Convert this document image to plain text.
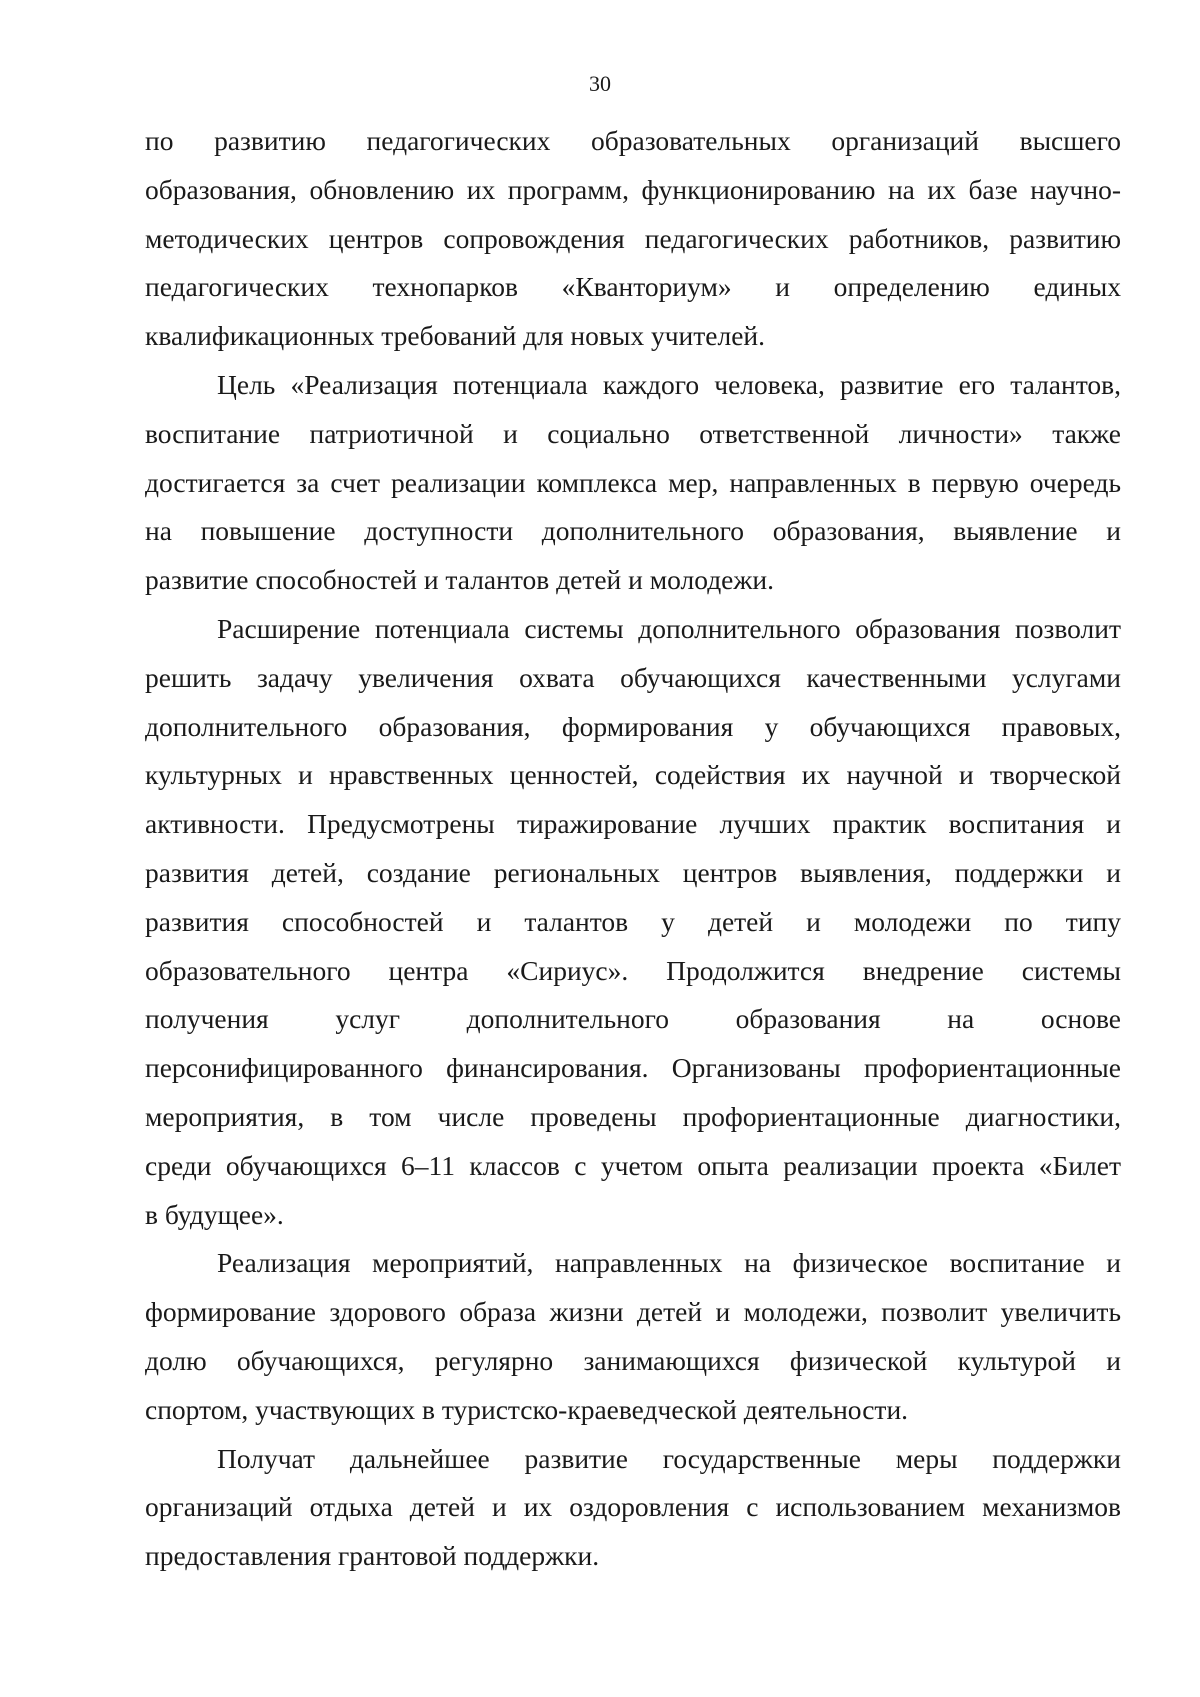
30
по развитию педагогических образовательных организаций высшего
образования, обновлению их программ, функционированию на их базе научно-
методических центров сопровождения педагогических работников, развитию
педагогических технопарков «Кванториум» и определению единых
квалификационных требований для новых учителей.
Цель «Реализация потенциала каждого человека, развитие его талантов,
воспитание патриотичной и социально ответственной личности» также
достигается за счет реализации комплекса мер, направленных в первую очередь
на повышение доступности дополнительного образования, выявление и
развитие способностей и талантов детей и молодежи.
Расширение потенциала системы дополнительного образования позволит
решить задачу увеличения охвата обучающихся качественными услугами
дополнительного образования, формирования у обучающихся правовых,
культурных и нравственных ценностей, содействия их научной и творческой
активности. Предусмотрены тиражирование лучших практик воспитания и
развития детей, создание региональных центров выявления, поддержки и
развития способностей и талантов у детей и молодежи по типу
образовательного центра «Сириус». Продолжится внедрение системы
получения услуг дополнительного образования на основе
персонифицированного финансирования. Организованы профориентационные
мероприятия, в том числе проведены профориентационные диагностики,
среди обучающихся 6–11 классов с учетом опыта реализации проекта «Билет
в будущее».
Реализация мероприятий, направленных на физическое воспитание и
формирование здорового образа жизни детей и молодежи, позволит увеличить
долю обучающихся, регулярно занимающихся физической культурой и
спортом, участвующих в туристско-краеведческой деятельности.
Получат дальнейшее развитие государственные меры поддержки
организаций отдыха детей и их оздоровления с использованием механизмов
предоставления грантовой поддержки.
